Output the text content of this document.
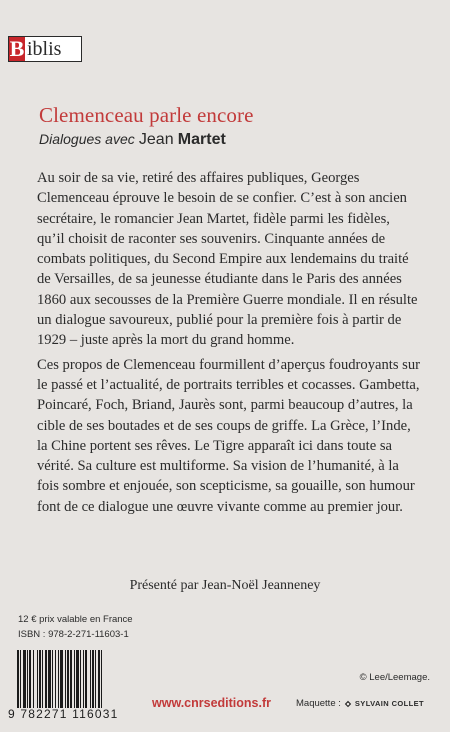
B iblis
Clemenceau parle encore
Dialogues avec Jean Martet

Au soir de sa vie, retiré des affaires publiques, Georges Clemenceau éprouve le besoin de se confier. C’est à son ancien secrétaire, le romancier Jean Martet, fidèle parmi les fidèles, qu’il choisit de raconter ses souvenirs. Cinquante années de combats politiques, du Second Empire aux lendemains du traité de Versailles, de sa jeunesse étudiante dans le Paris des années 1860 aux secousses de la Première Guerre mondiale. Il en résulte un dialogue savoureux, publié pour la première fois à partir de 1929 – juste après la mort du grand homme.

Ces propos de Clemenceau fourmillent d’aperçus foudroyants sur le passé et l’actualité, de portraits terribles et cocasses. Gambetta, Poincaré, Foch, Briand, Jaurès sont, parmi beaucoup d’autres, la cible de ses boutades et de ses coups de griffe. La Grèce, l’Inde, la Chine portent ses rêves. Le Tigre apparaît ici dans toute sa vérité. Sa culture est multiforme. Sa vision de l’humanité, à la fois sombre et enjouée, son scepticisme, sa gouaille, son humour font de ce dialogue une œuvre vivante comme au premier jour.

Présenté par Jean-Noël Jeanneney
12 € prix valable en France
ISBN : 978-2-271-11603-1
9 782271 116031
www.cnrseditions.fr
© Lee/Leemage.
Maquette : SYLVAIN COLLET
